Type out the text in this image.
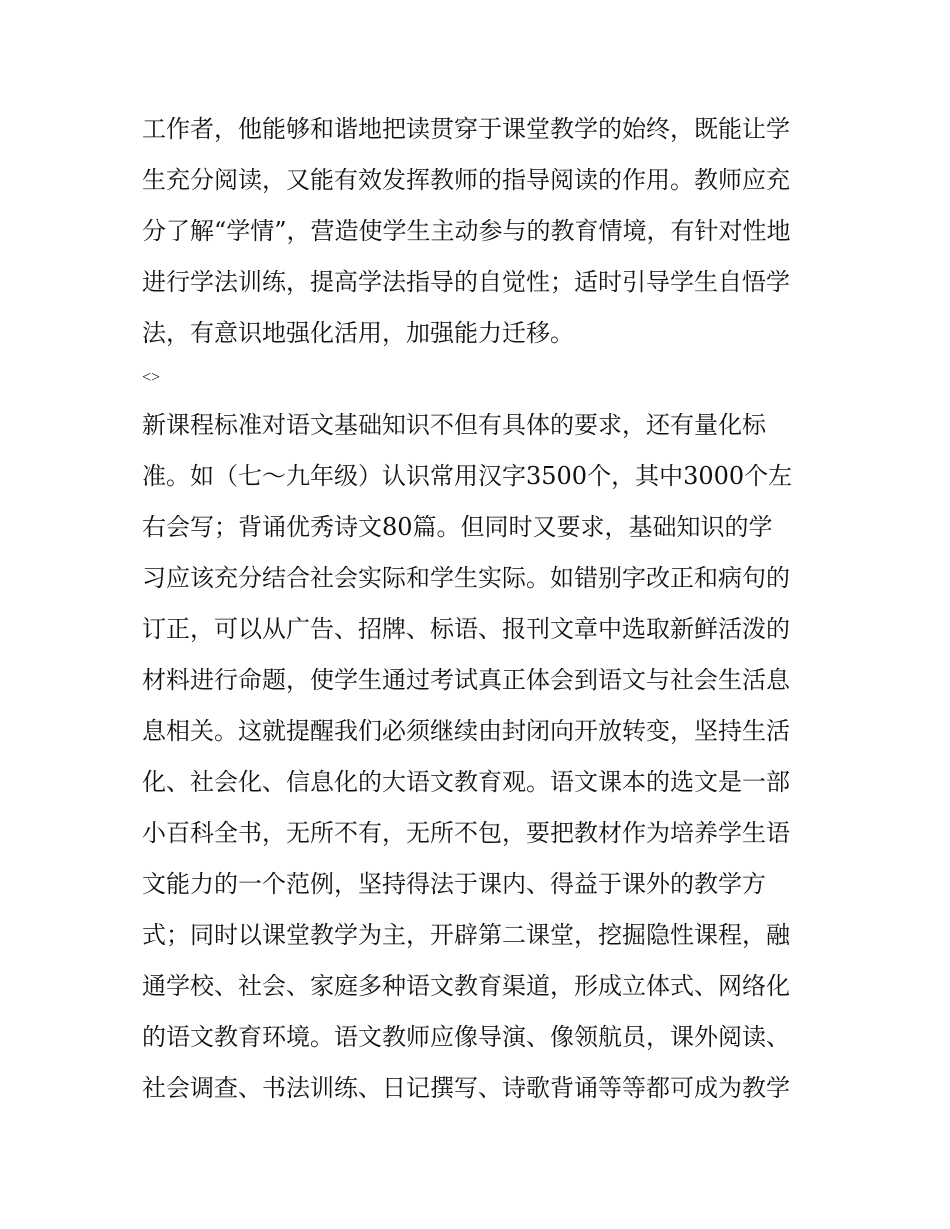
工作者，他能够和谐地把读贯穿于课堂教学的始终，既能让学
生充分阅读，又能有效发挥教师的指导阅读的作用。教师应充
分了解“学情”，营造使学生主动参与的教育情境，有针对性地
进行学法训练，提高学法指导的自觉性；适时引导学生自悟学
法，有意识地强化活用，加强能力迁移。
<>
新课程标准对语文基础知识不但有具体的要求，还有量化标
准。如（七～九年级）认识常用汉字3500个，其中3000个左
右会写；背诵优秀诗文80篇。但同时又要求，基础知识的学
习应该充分结合社会实际和学生实际。如错别字改正和病句的
订正，可以从广告、招牌、标语、报刊文章中选取新鲜活泼的
材料进行命题，使学生通过考试真正体会到语文与社会生活息
息相关。这就提醒我们必须继续由封闭向开放转变，坚持生活
化、社会化、信息化的大语文教育观。语文课本的选文是一部
小百科全书，无所不有，无所不包，要把教材作为培养学生语
文能力的一个范例，坚持得法于课内、得益于课外的教学方
式；同时以课堂教学为主，开辟第二课堂，挖掘隐性课程，融
通学校、社会、家庭多种语文教育渠道，形成立体式、网络化
的语文教育环境。语文教师应像导演、像领航员，课外阅读、
社会调查、书法训练、日记撰写、诗歌背诵等等都可成为教学
